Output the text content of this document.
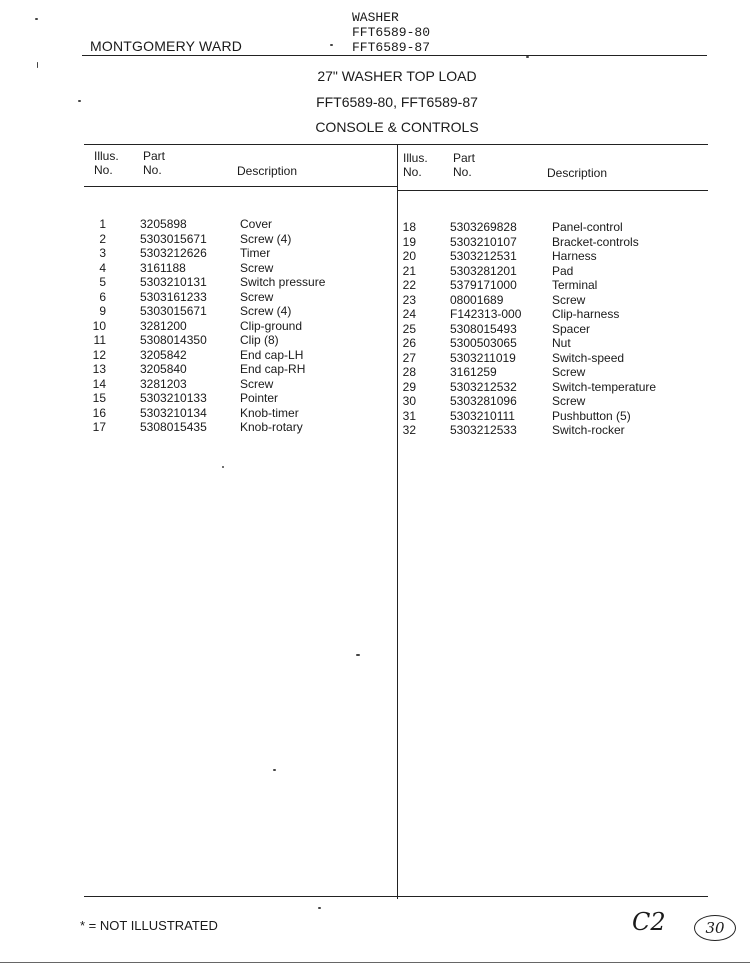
MONTGOMERY WARD
WASHER
FFT6589-80
FFT6589-87
27" WASHER TOP LOAD
FFT6589-80, FFT6589-87
CONSOLE & CONTROLS
Illus.
No.
Part
No.	Description
Illus.
No.
Part
No.	Description
1	3205898	Cover
2	5303015671	Screw (4)
3	5303212626	Timer
4	3161188	Screw
5	5303210131	Switch pressure
6	5303161233	Screw
9	5303015671	Screw (4)
10	3281200	Clip-ground
11	5308014350	Clip (8)
12	3205842	End cap-LH
13	3205840	End cap-RH
14	3281203	Screw
15	5303210133	Pointer
16	5303210134	Knob-timer
17	5308015435	Knob-rotary
18	5303269828	Panel-control
19	5303210107	Bracket-controls
20	5303212531	Harness
21	5303281201	Pad
22	5379171000	Terminal
23	08001689	Screw
24	F142313-000	Clip-harness
25	5308015493	Spacer
26	5300503065	Nut
27	5303211019	Switch-speed
28	3161259	Screw
29	5303212532	Switch-temperature
30	5303281096	Screw
31	5303210111	Pushbutton (5)
32	5303212533	Switch-rocker
* = NOT ILLUSTRATED	C2	30
